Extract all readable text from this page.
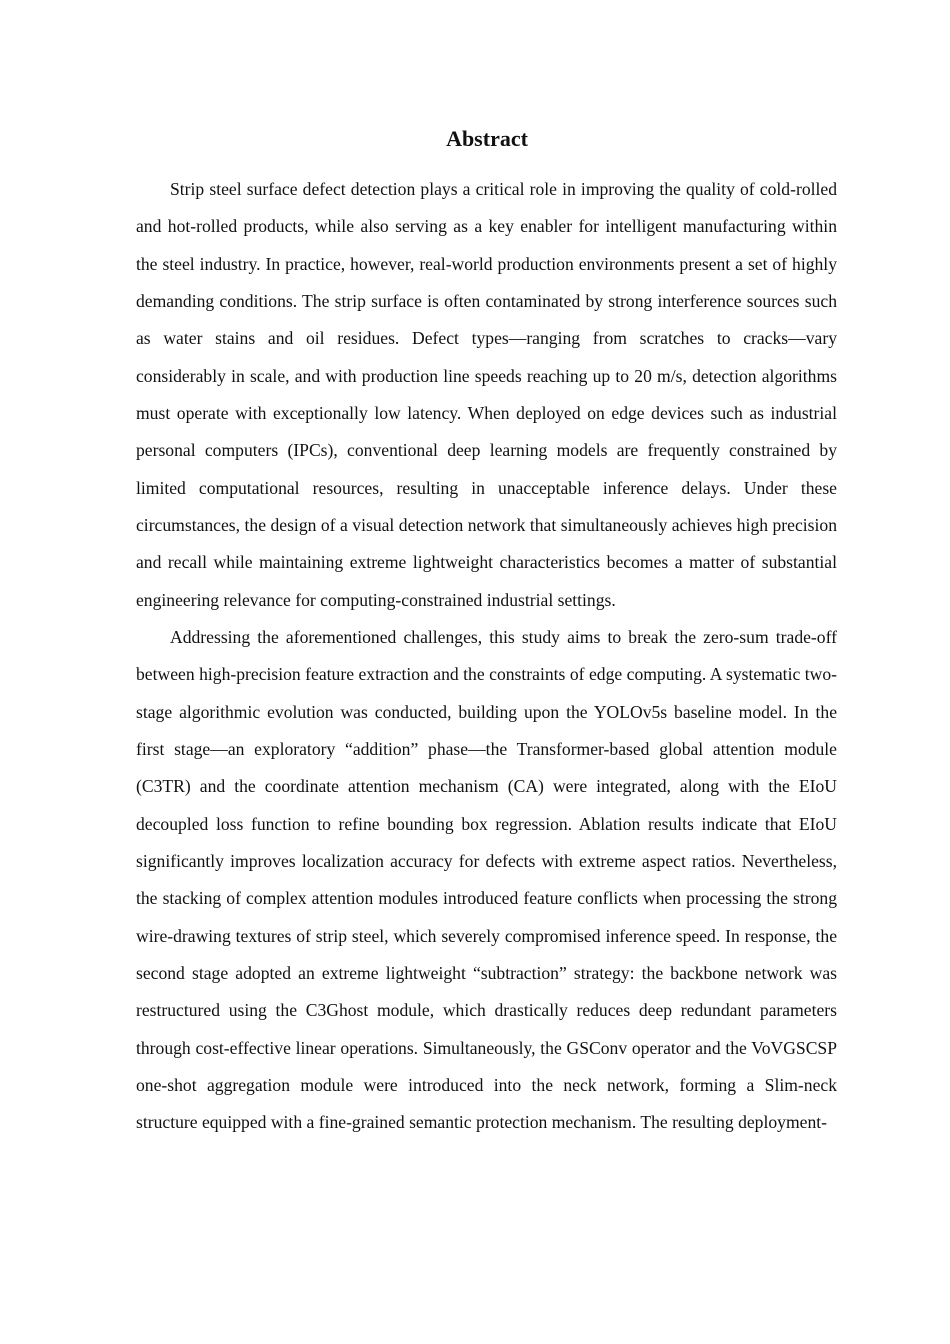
Abstract

Strip steel surface defect detection plays a critical role in improving the quality of cold-rolled and hot-rolled products, while also serving as a key enabler for intelligent manufacturing within the steel industry. In practice, however, real-world production environments present a set of highly demanding conditions. The strip surface is often contaminated by strong interference sources such as water stains and oil residues. Defect types—ranging from scratches to cracks—vary considerably in scale, and with production line speeds reaching up to 20 m/s, detection algorithms must operate with exceptionally low latency. When deployed on edge devices such as industrial personal computers (IPCs), conventional deep learning models are frequently constrained by limited computational resources, resulting in unacceptable inference delays. Under these circumstances, the design of a visual detection network that simultaneously achieves high precision and recall while maintaining extreme lightweight characteristics becomes a matter of substantial engineering relevance for computing-constrained industrial settings.

Addressing the aforementioned challenges, this study aims to break the zero-sum trade-off between high-precision feature extraction and the constraints of edge computing. A systematic two-stage algorithmic evolution was conducted, building upon the YOLOv5s baseline model. In the first stage—an exploratory “addition” phase—the Transformer-based global attention module (C3TR) and the coordinate attention mechanism (CA) were integrated, along with the EIoU decoupled loss function to refine bounding box regression. Ablation results indicate that EIoU significantly improves localization accuracy for defects with extreme aspect ratios. Nevertheless, the stacking of complex attention modules introduced feature conflicts when processing the strong wire-drawing textures of strip steel, which severely compromised inference speed. In response, the second stage adopted an extreme lightweight “subtraction” strategy: the backbone network was restructured using the C3Ghost module, which drastically reduces deep redundant parameters through cost-effective linear operations. Simultaneously, the GSConv operator and the VoVGSCSP one-shot aggregation module were introduced into the neck network, forming a Slim-neck structure equipped with a fine-grained semantic protection mechanism. The resulting deployment-
